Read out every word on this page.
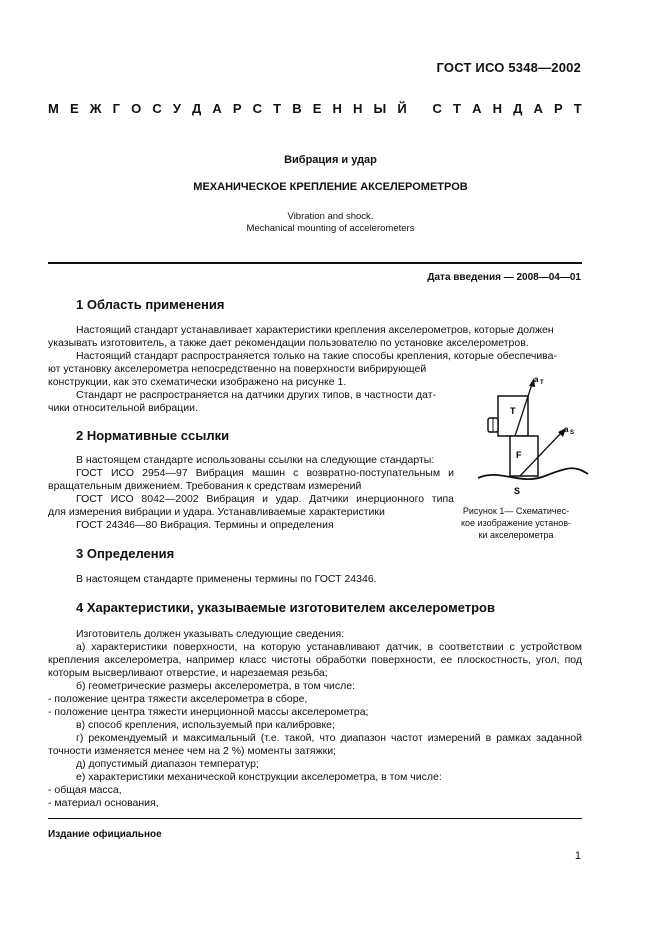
ГОСТ ИСО 5348—2002
М Е Ж Г О С У Д А Р С Т В Е Н Н Ы Й
С Т А Н Д А Р Т
Вибрация и удар
МЕХАНИЧЕСКОЕ КРЕПЛЕНИЕ АКСЕЛЕРОМЕТРОВ
Vibration and shock.
Mechanical mounting of accelerometers
Дата введения — 2008—04—01
1 Область применения
Настоящий стандарт устанавливает характеристики крепления акселерометров, которые должен
указывать изготовитель, а также дает рекомендации пользователю по установке акселерометров.
Настоящий стандарт распространяется только на такие способы крепления, которые обеспечива-
ют установку акселерометра непосредственно на поверхности вибрирующей
конструкции, как это схематически изображено на рисунке 1.
Стандарт не распространяется на датчики других типов, в частности дат-
чики относительной вибрации.
2 Нормативные ссылки
В настоящем стандарте использованы ссылки на следующие стандарты:
ГОСТ ИСО 2954—97 Вибрация машин с возвратно-поступательным и
вращательным движением. Требования к средствам измерений
ГОСТ ИСО 8042—2002 Вибрация и удар. Датчики инерционного типа
для измерения вибрации и удара. Устанавливаемые характеристики
ГОСТ 24346—80 Вибрация. Термины и определения
T
F
S
a T
a S
Рисунок 1— Схематичес-
кое изображение установ-
ки акселерометра
3 Определения
В настоящем стандарте применены термины по ГОСТ 24346.
4 Характеристики, указываемые изготовителем акселерометров
Изготовитель должен указывать следующие сведения:
а) характеристики поверхности, на которую устанавливают датчик, в соответствии с устройством
крепления акселерометра, например класс чистоты обработки поверхности, ее плоскостность, угол, под
которым высверливают отверстие, и нарезаемая резьба;
б) геометрические размеры акселерометра, в том числе:
- положение центра тяжести акселерометра в сборе,
- положение центра тяжести инерционной массы акселерометра;
в) способ крепления, используемый при калибровке;
г) рекомендуемый и максимальный (т.е. такой, что диапазон частот измерений в рамках заданной
точности изменяется менее чем на 2 %) моменты затяжки;
д) допустимый диапазон температур;
е) характеристики механической конструкции акселерометра, в том числе:
- общая масса,
- материал основания,
Издание официальное
1
